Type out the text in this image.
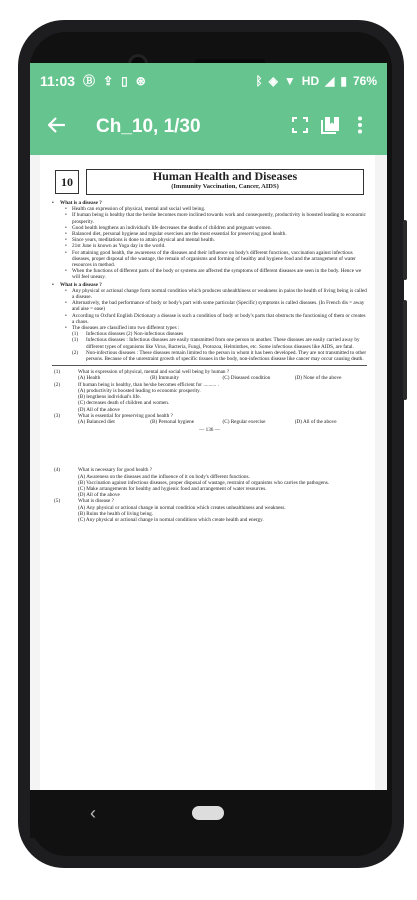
11:03 Ⓑ ⇪ ▯ ⊛	ᛒ ◈ ▼ HD ◢ ▮ 76%
Ch_10, 1/30
10	Human Health and Diseases
(Immunity Vaccination, Cancer, AIDS)

• What is a disease ?

• Health can expression of physical, mental and social well being.

• If human being is healthy that the he/she becomes more inclined towards work and consequently, productivity is boosted leading to economic prosperity.

• Good health lengthens an individual's life decreases the deaths of children and pregnant women.

• Balanced diet, personal hygiene and regular exercises are the most essential for preserving good health.

• Since years, meditations is done to attain physical and mental health.

• 21st June is known as Yoga day in the world.

• For attaining good health, the awareness of the diseases and their influence on body's different functions, vaccination against infectious diseases, proper disposal of the wastage, the remain of organisms and forming of healthy and hygiene food and the arrangement of water resources in method.

• When the functions of different parts of the body or systems are affected the symptoms of different diseases are seen in the body. Hence we will feel uneasy.

• What is a disease ?

• Any physical or actional change form normal condition which produces unhealthiness or weakness in pains the health of living being is called a disease.

• Alternatively, the bad performance of body or body's part with some particular (Specific) symptoms is called diseases. (In French dis = away and aise = ease)

• According to Oxford English Dictionary a disease is such a condition of body or body's parts that obstructs the functioning of them or creates a chaos.

• The diseases are classified into two different types :

(1) Infectious diseases (2) Non-infectious diseases

(1) Infectious diseases : Infectious diseases are easily transmitted from one person to another. These diseases are easily carried away by different types of organisms like Virus, Bacteria, Fungi, Protozoa, Helminthes, etc. Some infectious diseases like AIDS, are fatal.

(2) Non-infectious diseases : These diseases remain limited to the person in whom it has been developed. They are not transmitted to other persons. Because of the unrestraint growth of specific tissues in the body, non-infectious disease like cancer may occur causing death.

(1)	What is expression of physical, mental and social well being by human ?

(A) Health	(B) Immunity	(C) Diseased condition	(D) None of the above

(2)	If human being is healthy, than he/she becomes efficient for .......... .

(A) productivity is boosted leading to economic prosperity.

(B) lengthens individual's life.

(C) decreases death of children and women.

(D) All of the above

(3)	What is essential for preserving good health ?

(A) Balanced diet	(B) Personal hygiene	(C) Regular exercise	(D) All of the above
— 136 —

(4)	What is necessary for good health ?

(A) Awareness on the diseases and the influence of it on body's different functions.

(B) Vaccination against infectious diseases, proper disposal of wastage, restraint of organisms who carries the pathogens.

(C) Make arrangements for healthy and hygienic food and arrangement of water resources.

(D) All of the above

(5)	What is disease ?

(A) Any physical or actional change in normal condition which creates unhealthiness and weakness.

(B) Ruins the health of living being.

(C) Any physical or actional change in normal conditions which create health and energy.

‹
